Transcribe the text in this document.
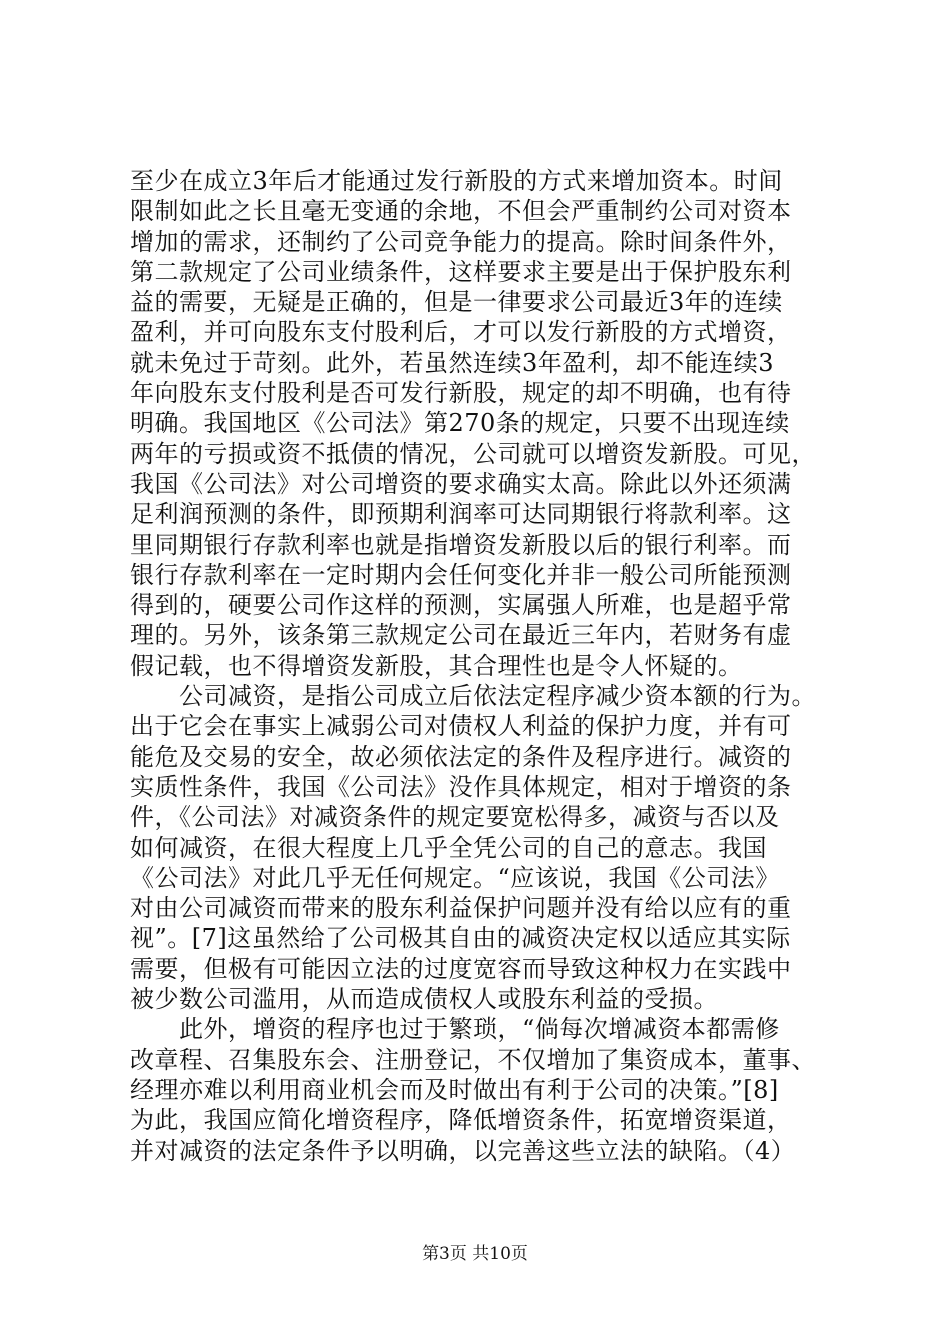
至少在成立3年后才能通过发行新股的方式来增加资本。时间
限制如此之长且毫无变通的余地，不但会严重制约公司对资本
增加的需求，还制约了公司竞争能力的提高。除时间条件外，
第二款规定了公司业绩条件，这样要求主要是出于保护股东利
益的需要，无疑是正确的，但是一律要求公司最近3年的连续
盈利，并可向股东支付股利后，才可以发行新股的方式增资，
就未免过于苛刻。此外，若虽然连续3年盈利，却不能连续3
年向股东支付股利是否可发行新股，规定的却不明确，也有待
明确。我国地区《公司法》第270条的规定，只要不出现连续
两年的亏损或资不抵债的情况，公司就可以增资发新股。可见，
我国《公司法》对公司增资的要求确实太高。除此以外还须满
足利润预测的条件，即预期利润率可达同期银行将款利率。这
里同期银行存款利率也就是指增资发新股以后的银行利率。而
银行存款利率在一定时期内会任何变化并非一般公司所能预测
得到的，硬要公司作这样的预测，实属强人所难，也是超乎常
理的。另外，该条第三款规定公司在最近三年内，若财务有虚
假记载，也不得增资发新股，其合理性也是令人怀疑的。
　　公司减资，是指公司成立后依法定程序减少资本额的行为。
出于它会在事实上减弱公司对债权人利益的保护力度，并有可
能危及交易的安全，故必须依法定的条件及程序进行。减资的
实质性条件，我国《公司法》没作具体规定，相对于增资的条
件，《公司法》对减资条件的规定要宽松得多，减资与否以及
如何减资，在很大程度上几乎全凭公司的自己的意志。我国
《公司法》对此几乎无任何规定。“应该说，我国《公司法》
对由公司减资而带来的股东利益保护问题并没有给以应有的重
视”。[7]这虽然给了公司极其自由的减资决定权以适应其实际
需要，但极有可能因立法的过度宽容而导致这种权力在实践中
被少数公司滥用，从而造成债权人或股东利益的受损。
　　此外，增资的程序也过于繁琐，“倘每次增减资本都需修
改章程、召集股东会、注册登记，不仅增加了集资成本，董事、
经理亦难以利用商业机会而及时做出有利于公司的决策。”[8]
为此，我国应简化增资程序，降低增资条件，拓宽增资渠道，
并对减资的法定条件予以明确，以完善这些立法的缺陷。（4）
第3页 共10页
